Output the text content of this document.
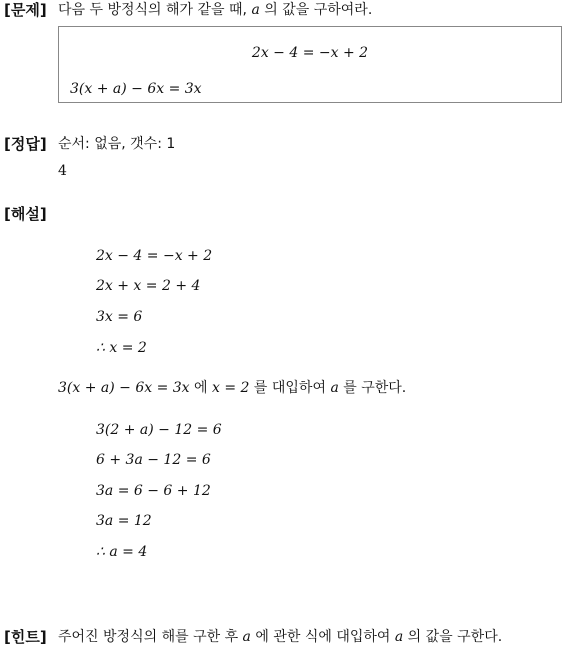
[문제] 다음 두 방정식의 해가 같을 때, a 의 값을 구하여라.
2x − 4 = −x + 2
3(x + a) − 6x = 3x
[정답] 순서: 없음, 갯수: 1
4
[해설]
2x − 4 = −x + 2
2x + x = 2 + 4
3x = 6
∴ x = 2
3(x + a) − 6x = 3x 에 x = 2 를 대입하여 a 를 구한다.
3(2 + a) − 12 = 6
6 + 3a − 12 = 6
3a = 6 − 6 + 12
3a = 12
∴ a = 4
[힌트] 주어진 방정식의 해를 구한 후 a 에 관한 식에 대입하여 a 의 값을 구한다.
